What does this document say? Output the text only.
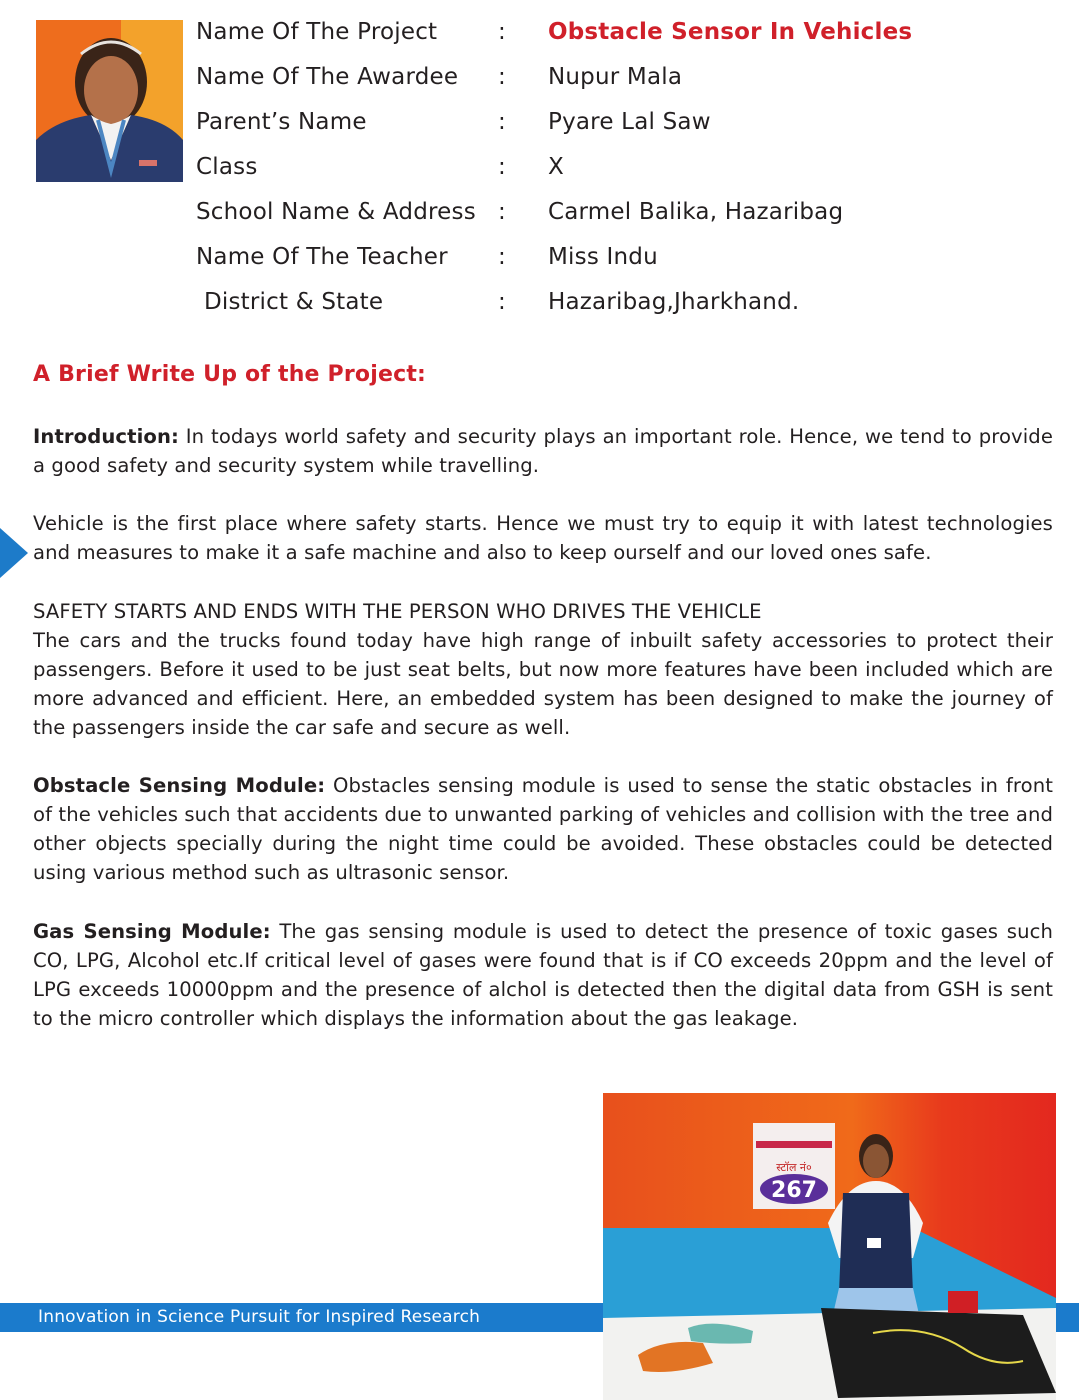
Name Of The Project	: Obstacle Sensor In Vehicles
Name Of The Awardee : Nupur Mala
Parent’s Name	: Pyare Lal Saw
Class	: X
School Name & Address : Carmel Balika, Hazaribag
Name Of The Teacher : Miss Indu
District & State	: Hazaribag,Jharkhand.
A Brief Write Up of the Project:
Introduction: In todays world safety and security plays an important role. Hence, we tend to provide a good safety and security system while travelling.
Vehicle is the first place where safety starts. Hence we must try to equip it with latest technologies and measures to make it a safe machine and also to keep ourself and our loved ones safe.
SAFETY STARTS AND ENDS WITH THE PERSON WHO DRIVES THE VEHICLE
The cars and the trucks found today have high range of inbuilt safety accessories to protect their passengers. Before it used to be just seat belts, but now more features have been included which are more advanced and efficient. Here, an embedded system has been designed to make the journey of the passengers inside the car safe and secure as well.
Obstacle Sensing Module: Obstacles sensing module is used to sense the static obstacles in front of the vehicles such that accidents due to unwanted parking of vehicles and collision with the tree and other objects specially during the night time could be avoided. These obstacles could be detected using various method such as ultrasonic sensor.
Gas Sensing Module: The gas sensing module is used to detect the presence of toxic gases such CO, LPG, Alcohol etc.If critical level of gases were found that is if CO exceeds 20ppm and the level of LPG exceeds 10000ppm and the presence of alchol is detected then the digital data from GSH is sent to the micro controller which displays the information about the gas leakage.
Innovation in Science Pursuit for Inspired Research
स्टॉल नं०
267
